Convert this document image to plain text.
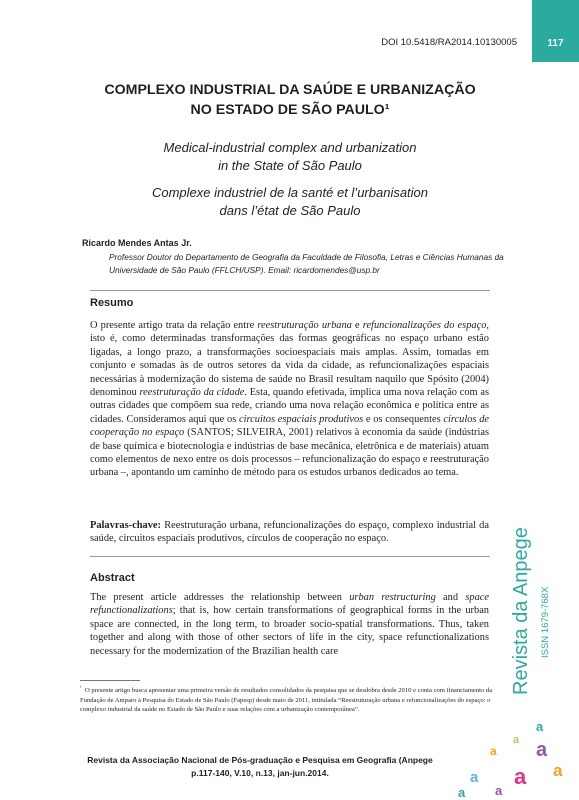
117
DOI 10.5418/RA2014.10130005
COMPLEXO INDUSTRIAL DA SAÚDE E URBANIZAÇÃO
NO ESTADO DE SÃO PAULO¹
Medical-industrial complex and urbanization
in the State of São Paulo
Complexe industriel de la santé et l’urbanisation
dans l’état de São Paulo
Ricardo Mendes Antas Jr.
Professor Doutor do Departamento de Geografia da Faculdade de Filosofia, Letras e Ciências Humanas da Universidade de São Paulo (FFLCH/USP). Email: ricardomendes@usp.br
Resumo
O presente artigo trata da relação entre reestruturação urbana e refuncionalizações do espaço, isto é, como determinadas transformações das formas geográficas no espaço urbano estão ligadas, a longo prazo, a transformações socioespaciais mais amplas. Assim, tomadas em conjunto e somadas às de outros setores da vida da cidade, as refuncionalizações espaciais necessárias à modernização do sistema de saúde no Brasil resultam naquilo que Spósito (2004) denominou reestruturação da cidade. Esta, quando efetivada, implica uma nova relação com as outras cidades que compõem sua rede, criando uma nova relação econômica e política entre as cidades. Consideramos aqui que os circuitos espaciais produtivos e os consequentes círculos de cooperação no espaço (SANTOS; SILVEIRA, 2001) relativos à economia da saúde (indústrias de base química e biotecnologia e indústrias de base mecânica, eletrônica e de materiais) atuam como elementos de nexo entre os dois processos – refuncionalização do espaço e reestruturação urbana –, apontando um caminho de método para os estudos urbanos dedicados ao tema.
Palavras-chave: Reestruturação urbana, refuncionalizações do espaço, complexo industrial da saúde, circuitos espaciais produtivos, círculos de cooperação no espaço.
Abstract
The present article addresses the relationship between urban restructuring and space refunctionalizations; that is, how certain transformations of geographical forms in the urban space are connected, in the long term, to broader socio-spatial transformations. Thus, taken together and along with those of other sectors of life in the city, space refunctionalizations necessary for the modernization of the Brazilian health care
$^{^1}$ O presente artigo busca apresentar uma primeira versão de resultados consolidados da pesquisa que se desdobra desde 2010 e conta com financiamento da Fundação de Amparo à Pesquisa do Estado de São Paulo (Fapesp) desde maio de 2011, intitulada “Reestruturação urbana e refuncionalizações do espaço: o complexo industrial da saúde no Estado de São Paulo e suas relações com a urbanização contemporânea”.
Revista da Associação Nacional de Pós-graduação e Pesquisa em Geografia (Anpege
p.117-140, V.10, n.13, jan-jun.2014.
Revista da Anpege ISSN 1679-768X
a
a
a a
a a
a
a
a
